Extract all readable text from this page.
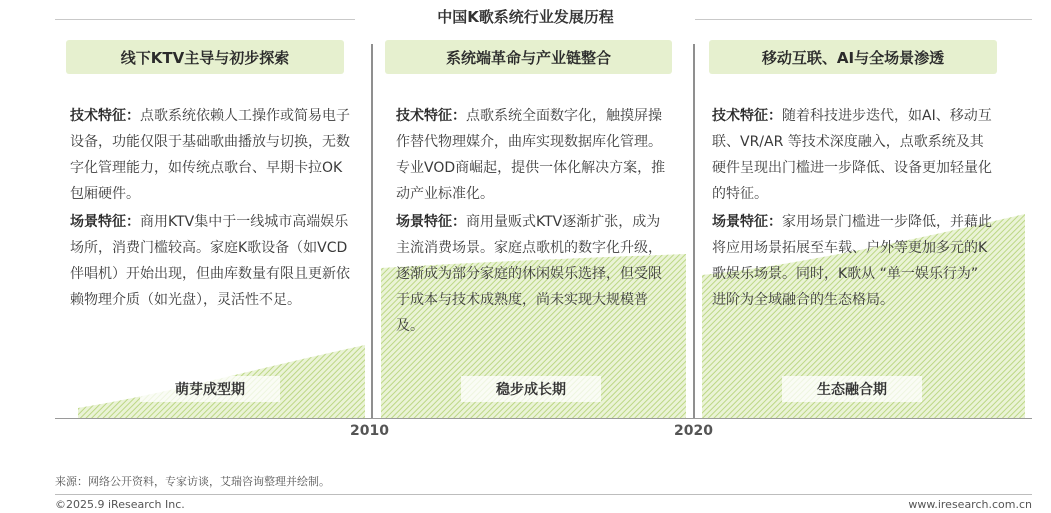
中国K歌系统行业发展历程
线下KTV主导与初步探索	系统端革命与产业链整合	移动互联、AI与全场景渗透

技术特征：点歌系统依赖人工操作或简易电子设备，功能仅限于基础歌曲播放与切换，无数字化管理能力，如传统点歌台、早期卡拉OK包厢硬件。

场景特征：商用KTV集中于一线城市高端娱乐场所，消费门槛较高。家庭K歌设备（如VCD伴唱机）开始出现，但曲库数量有限且更新依赖物理介质（如光盘），灵活性不足。

技术特征：点歌系统全面数字化，触摸屏操作替代物理媒介，曲库实现数据库化管理。专业VOD商崛起，提供一体化解决方案，推动产业标准化。

场景特征：商用量贩式KTV逐渐扩张，成为主流消费场景。家庭点歌机的数字化升级，逐渐成为部分家庭的休闲娱乐选择，但受限于成本与技术成熟度，尚未实现大规模普及。

技术特征：随着科技进步迭代，如AI、移动互联、VR/AR 等技术深度融入，点歌系统及其硬件呈现出门槛进一步降低、设备更加轻量化的特征。

场景特征：家用场景门槛进一步降低，并藉此将应用场景拓展至车载、户外等更加多元的K歌娱乐场景。同时，K歌从 “单一娱乐行为” 进阶为全域融合的生态格局。

萌芽成型期	稳步成长期	生态融合期
2010	2020
来源：网络公开资料，专家访谈，艾瑞咨询整理并绘制。
©2025.9 iResearch Inc.	www.iresearch.com.cn
